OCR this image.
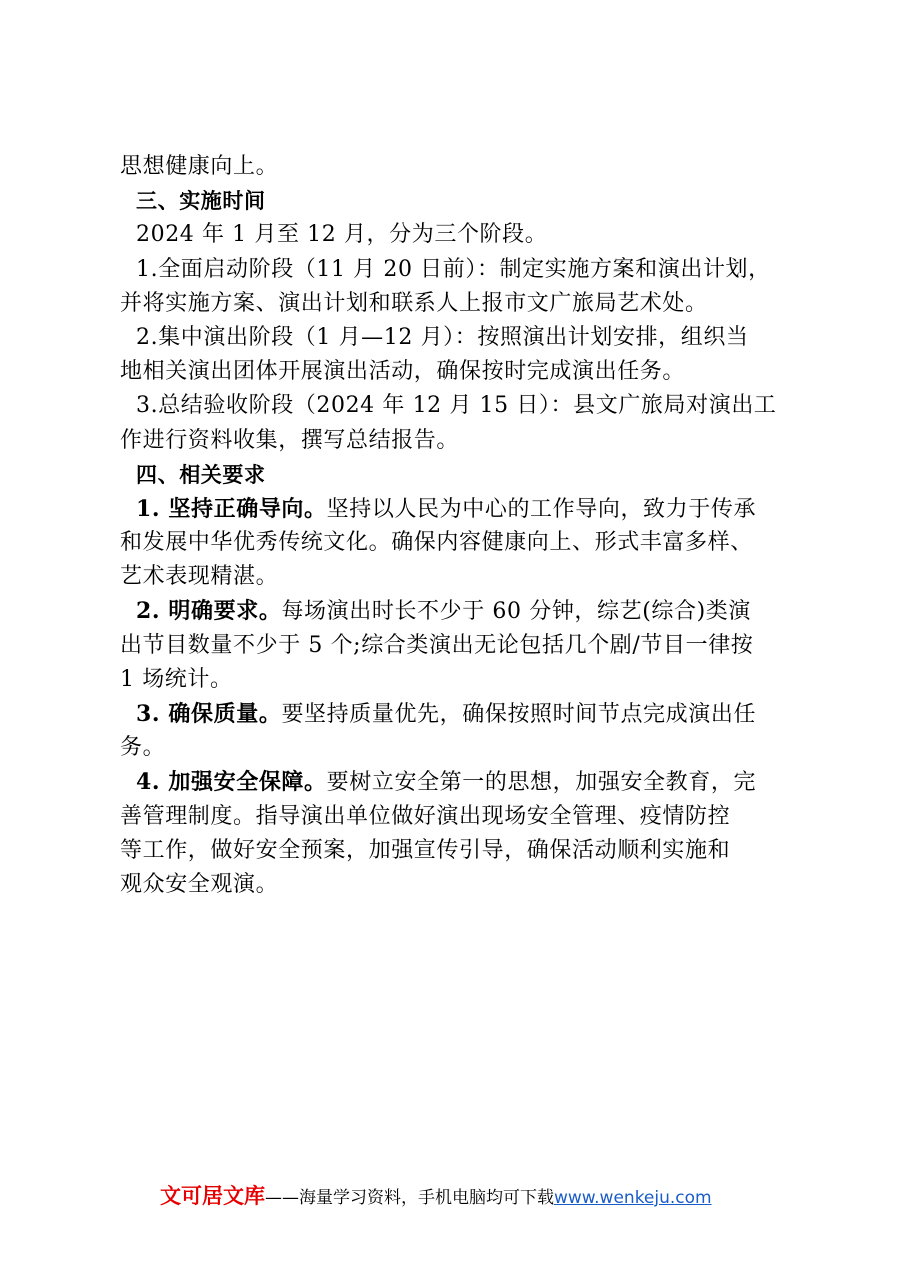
思想健康向上。
三、实施时间
2024 年 1 月至 12 月，分为三个阶段。
1.全面启动阶段（11 月 20 日前）：制定实施方案和演出计划，
并将实施方案、演出计划和联系人上报市文广旅局艺术处。
2.集中演出阶段（1 月—12 月）：按照演出计划安排，组织当
地相关演出团体开展演出活动，确保按时完成演出任务。
3.总结验收阶段（2024 年 12 月 15 日）：县文广旅局对演出工
作进行资料收集，撰写总结报告。
四、相关要求
1. 坚持正确导向。坚持以人民为中心的工作导向，致力于传承
和发展中华优秀传统文化。确保内容健康向上、形式丰富多样、
艺术表现精湛。
2. 明确要求。每场演出时长不少于 60 分钟，综艺(综合)类演
出节目数量不少于 5 个;综合类演出无论包括几个剧/节目一律按
1 场统计。
3. 确保质量。要坚持质量优先，确保按照时间节点完成演出任
务。
4. 加强安全保障。要树立安全第一的思想，加强安全教育，完
善管理制度。指导演出单位做好演出现场安全管理、疫情防控
等工作，做好安全预案，加强宣传引导，确保活动顺利实施和
观众安全观演。
文可居文库——海量学习资料，手机电脑均可下载www.wenkeju.com
